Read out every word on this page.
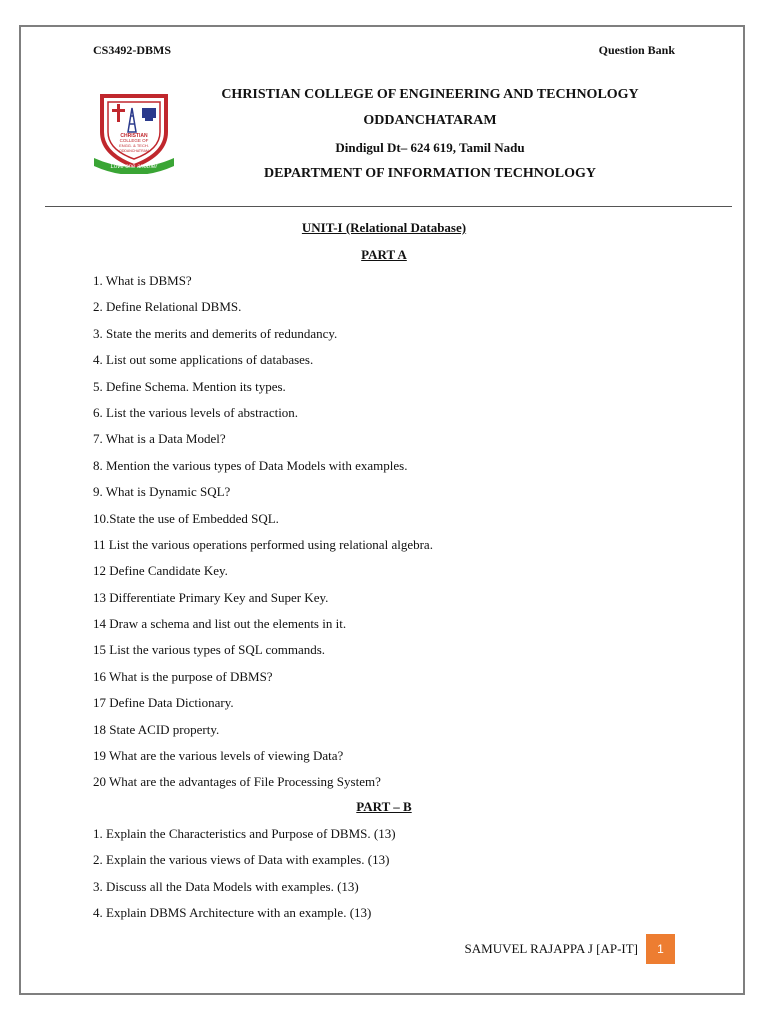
CS3492-DBMS	Question Bank
CHRISTIAN
COLLEGE OF
ENGG. & TECH.
ODDANCHATRAM
Love one another
CHRISTIAN COLLEGE OF ENGINEERING AND TECHNOLOGY
ODDANCHATARAM
Dindigul Dt– 624 619, Tamil Nadu
DEPARTMENT OF INFORMATION TECHNOLOGY
UNIT-I (Relational Database)
PART A
1. What is DBMS?
2. Define Relational DBMS.
3. State the merits and demerits of redundancy.
4. List out some applications of databases.
5. Define Schema. Mention its types.
6. List the various levels of abstraction.
7. What is a Data Model?
8. Mention the various types of Data Models with examples.
9. What is Dynamic SQL?
10.State the use of Embedded SQL.
11 List the various operations performed using relational algebra.
12 Define Candidate Key.
13 Differentiate Primary Key and Super Key.
14 Draw a schema and list out the elements in it.
15 List the various types of SQL commands.
16 What is the purpose of DBMS?
17 Define Data Dictionary.
18 State ACID property.
19 What are the various levels of viewing Data?
20 What are the advantages of File Processing System?
PART – B
1. Explain the Characteristics and Purpose of DBMS. (13)
2. Explain the various views of Data with examples. (13)
3. Discuss all the Data Models with examples. (13)
4. Explain DBMS Architecture with an example. (13)
SAMUVEL RAJAPPA J [AP-IT]	1
